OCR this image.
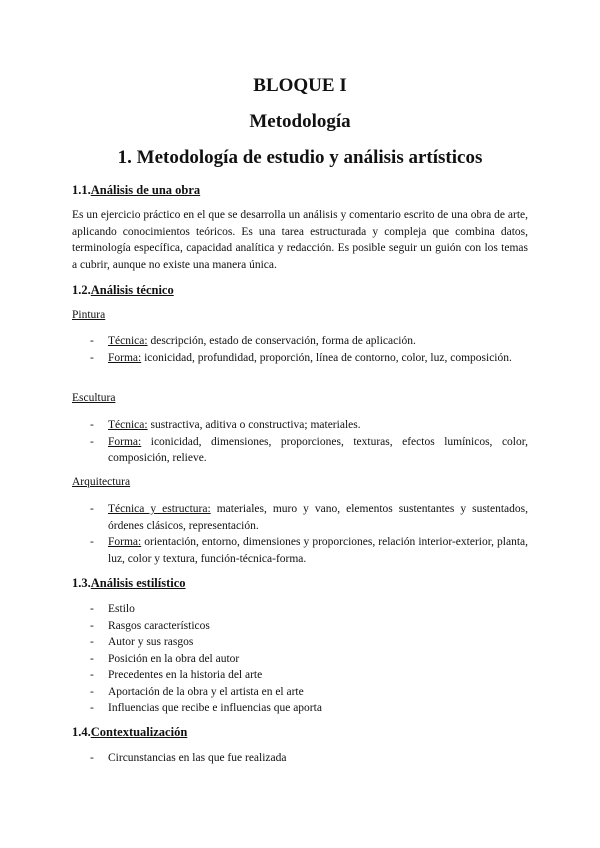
BLOQUE I
Metodología
1. Metodología de estudio y análisis artísticos

1.1.Análisis de una obra

Es un ejercicio práctico en el que se desarrolla un análisis y comentario escrito de una obra de arte, aplicando conocimientos teóricos. Es una tarea estructurada y compleja que combina datos, terminología específica, capacidad analítica y redacción. Es posible seguir un guión con los temas a cubrir, aunque no existe una manera única.

1.2.Análisis técnico

Pintura

- Técnica: descripción, estado de conservación, forma de aplicación.
- Forma: iconicidad, profundidad, proporción, línea de contorno, color, luz, composición.

Escultura

- Técnica: sustractiva, aditiva o constructiva; materiales.
- Forma: iconicidad, dimensiones, proporciones, texturas, efectos lumínicos, color, composición, relieve.

Arquitectura

- Técnica y estructura: materiales, muro y vano, elementos sustentantes y sustentados, órdenes clásicos, representación.
- Forma: orientación, entorno, dimensiones y proporciones, relación interior-exterior, planta, luz, color y textura, función-técnica-forma.

1.3.Análisis estilístico

- Estilo
- Rasgos característicos
- Autor y sus rasgos
- Posición en la obra del autor
- Precedentes en la historia del arte
- Aportación de la obra y el artista en el arte
- Influencias que recibe e influencias que aporta

1.4.Contextualización

- Circunstancias en las que fue realizada
